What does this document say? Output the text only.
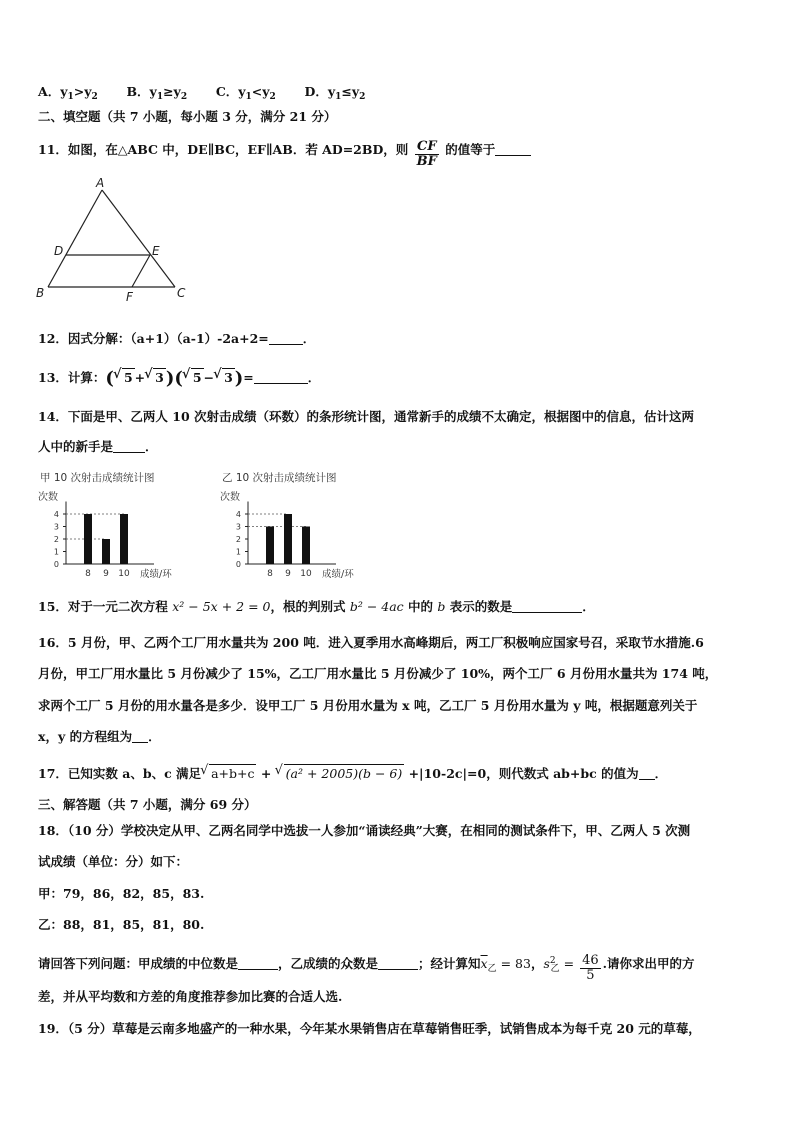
A．$y_1>y_2$ B．$y_1\ge y_2$ C．$y_1<y_2$ D．$y_1\le y_2$
二、填空题（共 7 小题，每小题 3 分，满分 21 分）
11．如图，在△ABC 中，DE∥BC，EF∥AB．若 AD=2BD，则 $\frac{CF}{BF}$ 的值等于
A
B	C
D	E
F
12．因式分解：（a+1）（a-1）-2a+2=	．
13．计算：( √ 5 + √ 3 )( √ 5 − √ 3 )=	．
14．下面是甲、乙两人 10 次射击成绩（环数）的条形统计图，通常新手的成绩不太确定，根据图中的信息，估计这两
人中的新手是	．
甲 10 次射击成绩统计图	乙 10 次射击成绩统计图
次数
0
1
2
3
4
8 9 10 成绩/环
次数
0
1
2
3
4
8 9 10 成绩/环
15．对于一元二次方程 x² − 5x + 2 = 0，根的判别式 b² − 4ac 中的 b 表示的数是	．
16．5 月份，甲、乙两个工厂用水量共为 200 吨．进入夏季用水高峰期后，两工厂积极响应国家号召，采取节水措施.6
月份，甲工厂用水量比 5 月份减少了 15%，乙工厂用水量比 5 月份减少了 10%，两个工厂 6 月份用水量共为 174 吨，
求两个工厂 5 月份的用水量各是多少．设甲工厂 5 月份用水量为 x 吨，乙工厂 5 月份用水量为 y 吨，根据题意列关于
x，y 的方程组为 ．
17．已知实数 a、b、c 满足 √ a+b+c + √ (a² + 2005)(b − 6) +|10-2c|=0，则代数式 ab+bc 的值为 ．
三、解答题（共 7 小题，满分 69 分）
18．（10 分）学校决定从甲、乙两名同学中选拔一人参加“诵读经典”大赛，在相同的测试条件下，甲、乙两人 5 次测
试成绩（单位：分）如下：
甲：79，86，82，85，83.
乙：88，81，85，81，80.
请回答下列问题：甲成绩的中位数是	，乙成绩的众数是	；经计算知$\overline{x}_乙 = 83$，$s^2_乙 = \frac{46}{5}$ .请你求出甲的方
差，并从平均数和方差的角度推荐参加比赛的合适人选.
19．（5 分）草莓是云南多地盛产的一种水果，今年某水果销售店在草莓销售旺季，试销售成本为每千克 20 元的草莓，
